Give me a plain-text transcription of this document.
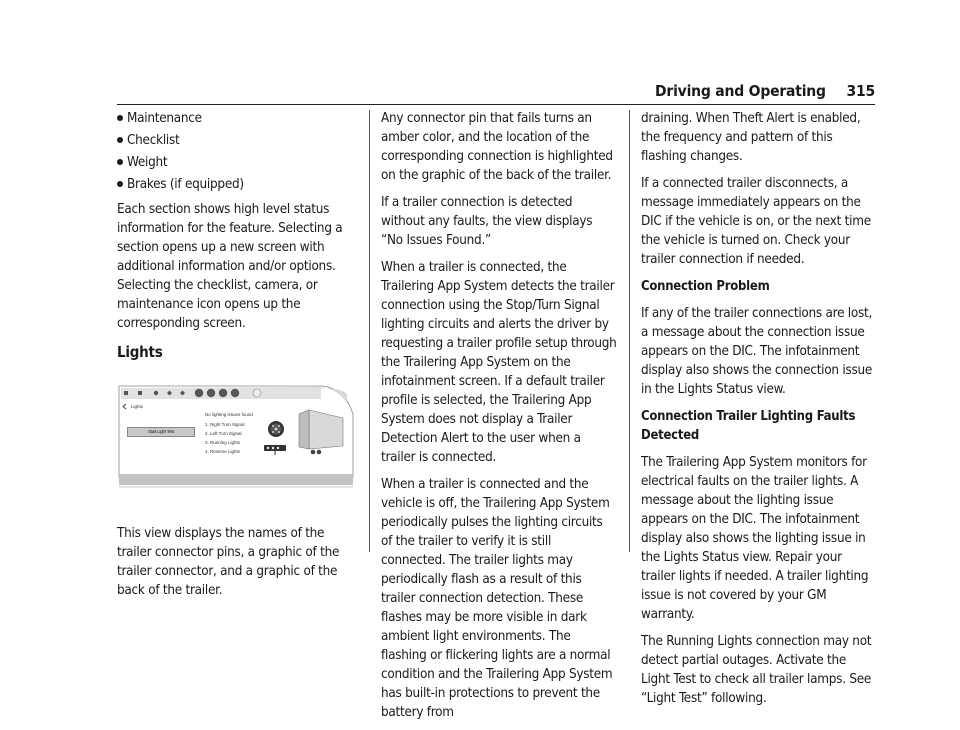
Driving and Operating 315
Maintenance
Checklist
Weight
Brakes (if equipped)

Each section shows high level status information for the feature. Selecting a section opens up a new screen with additional information and/or options. Selecting the checklist, camera, or maintenance icon opens up the corresponding screen.

Lights
Lights
No lighting issues found
Start Light Test
1. Right Turn Signal
2. Left Turn Signal
3. Running Lights
4. Reverse Lights

This view displays the names of the trailer connector pins, a graphic of the trailer connector, and a graphic of the back of the trailer.

Any connector pin that fails turns an amber color, and the location of the corresponding connection is highlighted on the graphic of the back of the trailer.

If a trailer connection is detected without any faults, the view displays “No Issues Found.”

When a trailer is connected, the Trailering App System detects the trailer connection using the Stop/Turn Signal lighting circuits and alerts the driver by requesting a trailer profile setup through the Trailering App System on the infotainment screen. If a default trailer profile is selected, the Trailering App System does not display a Trailer Detection Alert to the user when a trailer is connected.

When a trailer is connected and the vehicle is off, the Trailering App System periodically pulses the lighting circuits of the trailer to verify it is still connected. The trailer lights may periodically flash as a result of this trailer connection detection. These flashes may be more visible in dark ambient light environments. The flashing or flickering lights are a normal condition and the Trailering App System has built-in protections to prevent the battery from

draining. When Theft Alert is enabled, the frequency and pattern of this flashing changes.

If a connected trailer disconnects, a message immediately appears on the DIC if the vehicle is on, or the next time the vehicle is turned on. Check your trailer connection if needed.

Connection Problem

If any of the trailer connections are lost, a message about the connection issue appears on the DIC. The infotainment display also shows the connection issue in the Lights Status view.

Connection Trailer Lighting Faults Detected

The Trailering App System monitors for electrical faults on the trailer lights. A message about the lighting issue appears on the DIC. The infotainment display also shows the lighting issue in the Lights Status view. Repair your trailer lights if needed. A trailer lighting issue is not covered by your GM warranty.

The Running Lights connection may not detect partial outages. Activate the Light Test to check all trailer lamps. See “Light Test” following.
